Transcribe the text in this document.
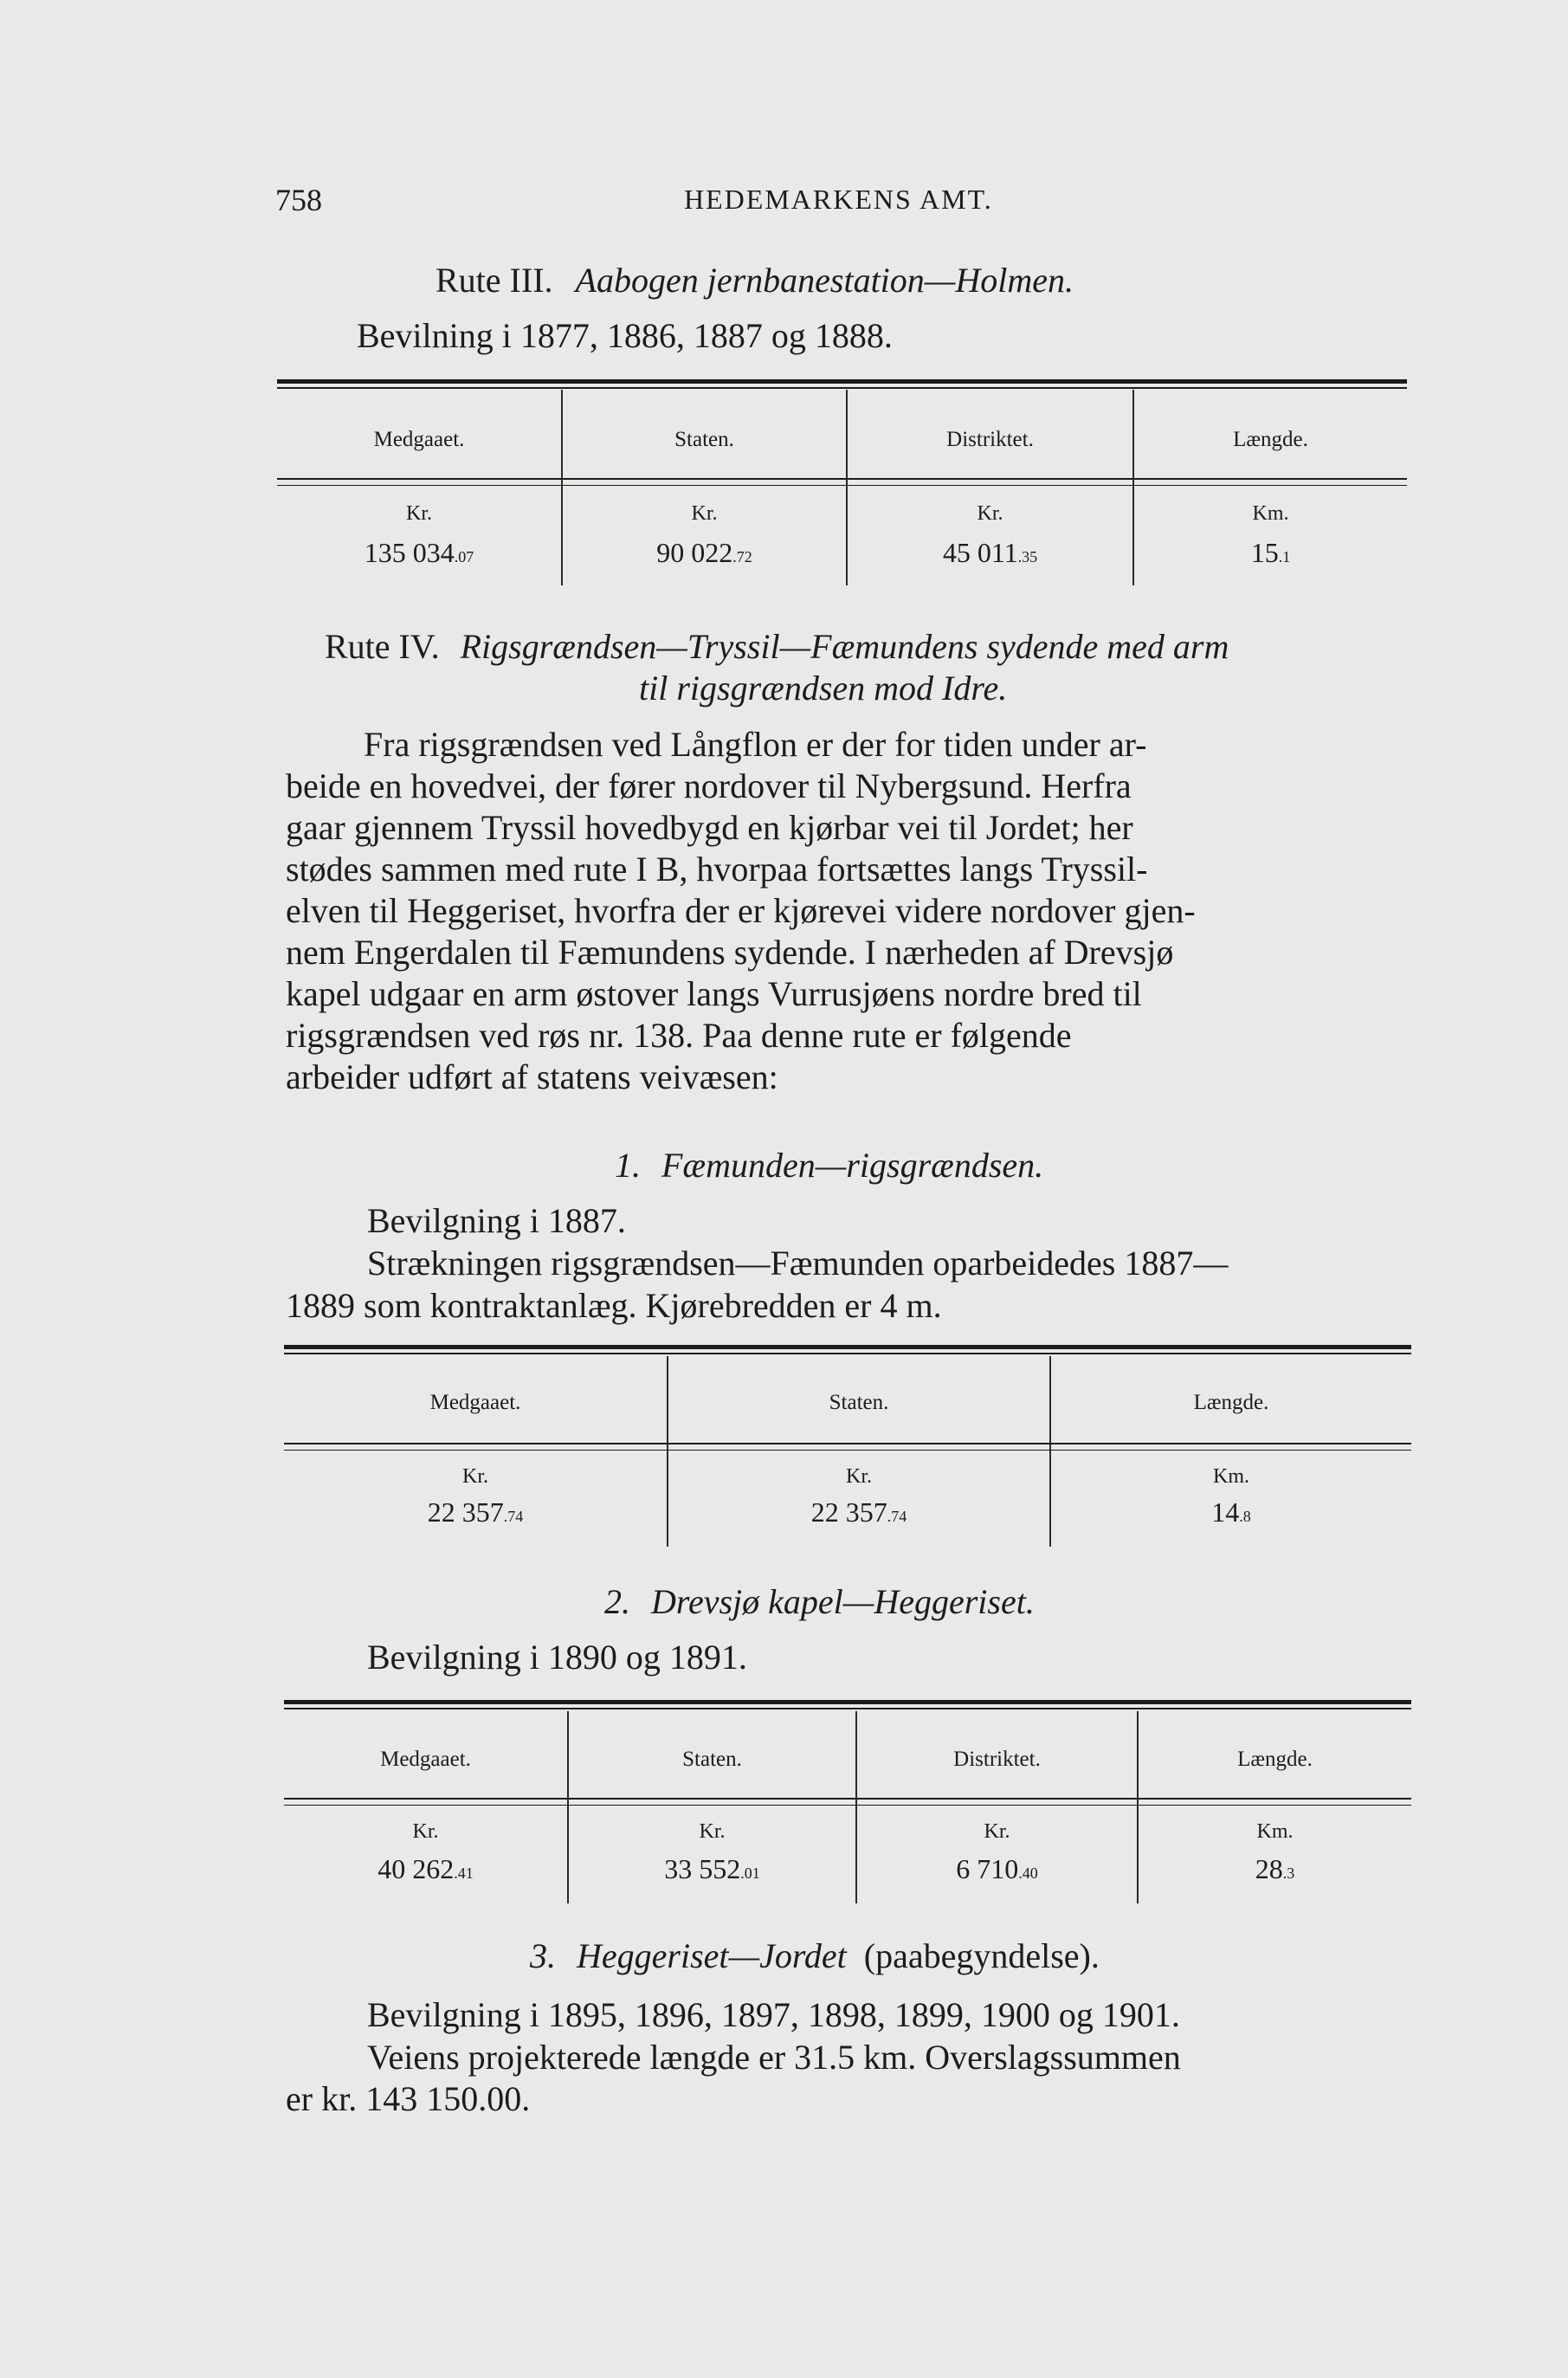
758	HEDEMARKENS AMT.
Rute III. Aabogen jernbanestation—Holmen.
Bevilning i 1877, 1886, 1887 og 1888.
Medgaaet.	Staten.	Distriktet.	Længde.
Kr.	Kr.	Kr.	Km.
135 034.07	90 022.72	45 011.35	15.1
Rute IV. Rigsgrændsen—Tryssil—Fæmundens sydende med arm
til rigsgrændsen mod Idre.

Fra rigsgrændsen ved Långflon er der for tiden under ar-

beide en hovedvei, der fører nordover til Nybergsund. Herfra

gaar gjennem Tryssil hovedbygd en kjørbar vei til Jordet; her

stødes sammen med rute I B, hvorpaa fortsættes langs Tryssil-

elven til Heggeriset, hvorfra der er kjørevei videre nordover gjen-

nem Engerdalen til Fæmundens sydende. I nærheden af Drevsjø

kapel udgaar en arm østover langs Vurrusjøens nordre bred til

rigsgrændsen ved røs nr. 138. Paa denne rute er følgende

arbeider udført af statens veivæsen:

1. Fæmunden—rigsgrændsen.
Bevilgning i 1887.
Strækningen rigsgrændsen—Fæmunden oparbeidedes 1887—
1889 som kontraktanlæg. Kjørebredden er 4 m.
Medgaaet.	Staten.	Længde.
Kr.	Kr.	Km.
22 357.74	22 357.74	14.8
2. Drevsjø kapel—Heggeriset.
Bevilgning i 1890 og 1891.
Medgaaet.	Staten.	Distriktet.	Længde.
Kr.	Kr.	Kr.	Km.
40 262.41	33 552.01	6 710.40	28.3
3. Heggeriset—Jordet (paabegyndelse).
Bevilgning i 1895, 1896, 1897, 1898, 1899, 1900 og 1901.
Veiens projekterede længde er 31.5 km. Overslagssummen
er kr. 143 150.00.
